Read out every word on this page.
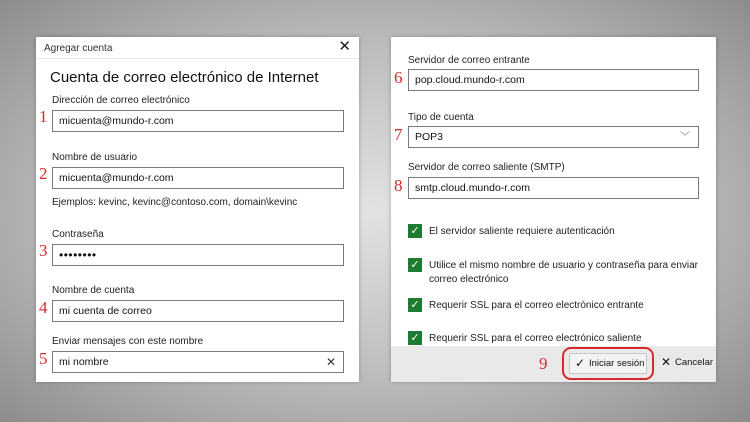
Agregar cuenta	✕
Cuenta de correo electrónico de Internet
Dirección de correo electrónico
1	micuenta@mundo-r.com
Nombre de usuario
2	micuenta@mundo-r.com
Ejemplos: kevinc, kevinc@contoso.com, domain\kevinc
Contraseña
3 ••••••••
Nombre de cuenta
4	mi cuenta de correo
Enviar mensajes con este nombre
5	mi nombre	✕
Servidor de correo entrante
6	pop.cloud.mundo-r.com
Tipo de cuenta
7	POP3	﹀
Servidor de correo saliente (SMTP)
8	smtp.cloud.mundo-r.com
✓ El servidor saliente requiere autenticación
✓ Utilice el mismo nombre de usuario y contraseña para enviar correo electrónico
✓ Requerir SSL para el correo electrónico entrante
✓ Requerir SSL para el correo electrónico saliente
9 ✓ Iniciar sesión ✕ Cancelar
